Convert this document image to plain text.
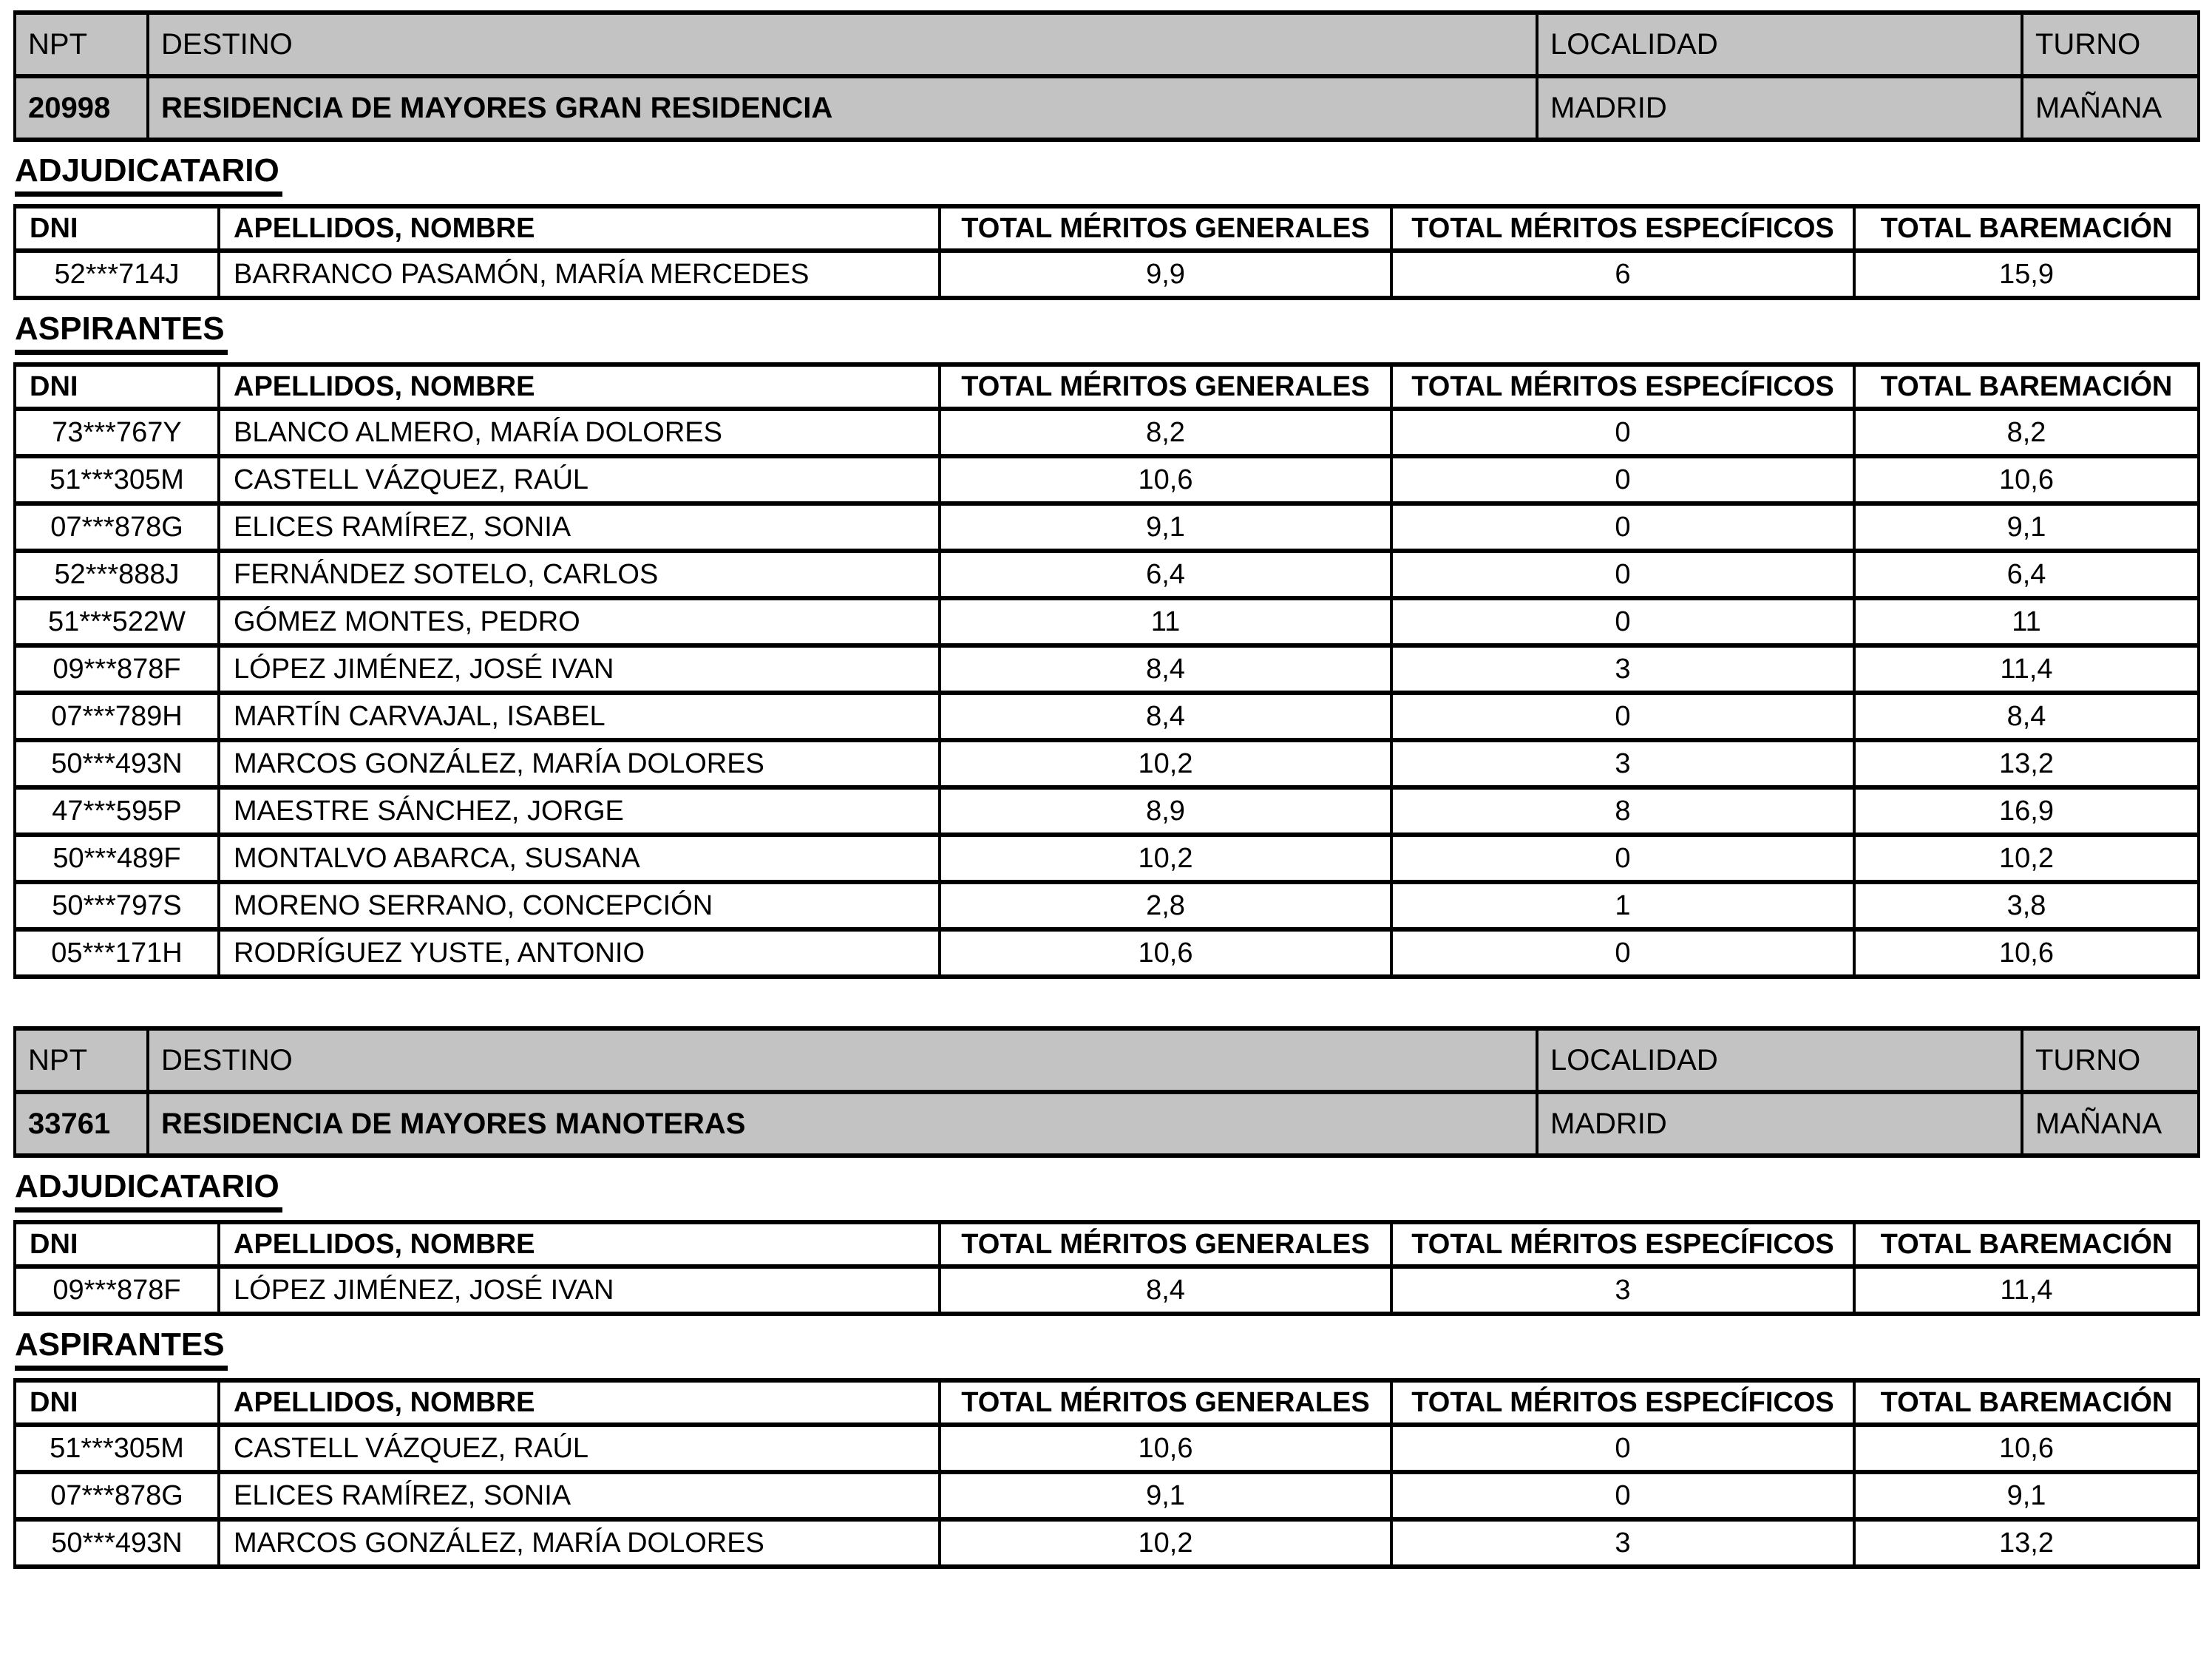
NPT	DESTINO	LOCALIDAD	TURNO
20998	RESIDENCIA DE MAYORES GRAN RESIDENCIA	MADRID	MAÑANA
ADJUDICATARIO
DNI	APELLIDOS, NOMBRE	TOTAL MÉRITOS GENERALES	TOTAL MÉRITOS ESPECÍFICOS	TOTAL BAREMACIÓN
52***714J	BARRANCO PASAMÓN, MARÍA MERCEDES	9,9	6	15,9
ASPIRANTES
DNI	APELLIDOS, NOMBRE	TOTAL MÉRITOS GENERALES	TOTAL MÉRITOS ESPECÍFICOS	TOTAL BAREMACIÓN
73***767Y	BLANCO ALMERO, MARÍA DOLORES	8,2	0	8,2
51***305M	CASTELL VÁZQUEZ, RAÚL	10,6	0	10,6
07***878G	ELICES RAMÍREZ, SONIA	9,1	0	9,1
52***888J	FERNÁNDEZ SOTELO, CARLOS	6,4	0	6,4
51***522W	GÓMEZ MONTES, PEDRO	11	0	11
09***878F	LÓPEZ JIMÉNEZ, JOSÉ IVAN	8,4	3	11,4
07***789H	MARTÍN CARVAJAL, ISABEL	8,4	0	8,4
50***493N	MARCOS GONZÁLEZ, MARÍA DOLORES	10,2	3	13,2
47***595P	MAESTRE SÁNCHEZ, JORGE	8,9	8	16,9
50***489F	MONTALVO ABARCA, SUSANA	10,2	0	10,2
50***797S	MORENO SERRANO, CONCEPCIÓN	2,8	1	3,8
05***171H	RODRÍGUEZ YUSTE, ANTONIO	10,6	0	10,6
NPT	DESTINO	LOCALIDAD	TURNO
33761	RESIDENCIA DE MAYORES MANOTERAS	MADRID	MAÑANA
ADJUDICATARIO
DNI	APELLIDOS, NOMBRE	TOTAL MÉRITOS GENERALES	TOTAL MÉRITOS ESPECÍFICOS	TOTAL BAREMACIÓN
09***878F	LÓPEZ JIMÉNEZ, JOSÉ IVAN	8,4	3	11,4
ASPIRANTES
DNI	APELLIDOS, NOMBRE	TOTAL MÉRITOS GENERALES	TOTAL MÉRITOS ESPECÍFICOS	TOTAL BAREMACIÓN
51***305M	CASTELL VÁZQUEZ, RAÚL	10,6	0	10,6
07***878G	ELICES RAMÍREZ, SONIA	9,1	0	9,1
50***493N	MARCOS GONZÁLEZ, MARÍA DOLORES	10,2	3	13,2
